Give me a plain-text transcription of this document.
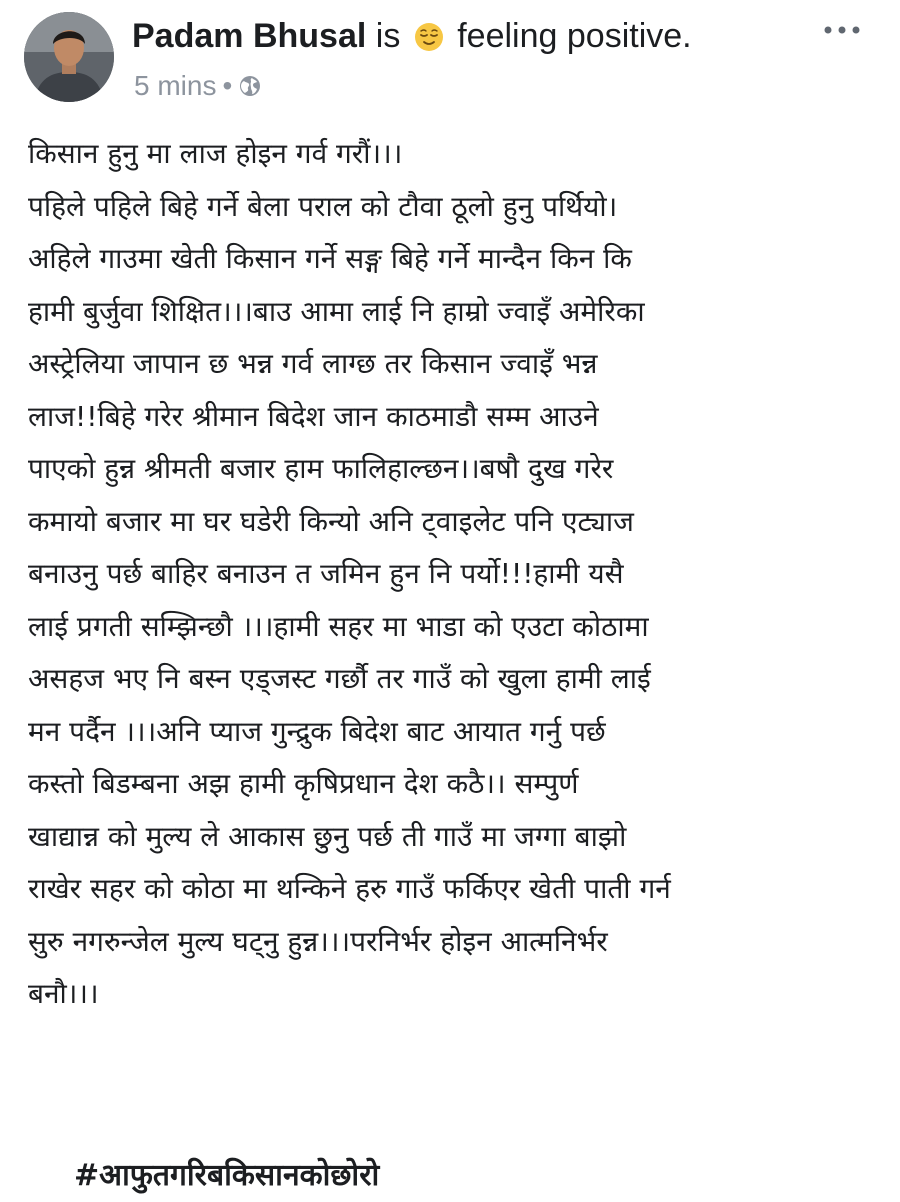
Padam Bhusal is feeling positive.
5 mins •
किसान हुनु मा लाज होइन गर्व गरौं।।।
पहिले पहिले बिहे गर्ने बेला पराल को टौवा ठूलो हुनु पर्थियो।
अहिले गाउमा खेती किसान गर्ने सङ्ग बिहे गर्ने मान्दैन किन कि
हामी बुर्जुवा शिक्षित।।।बाउ आमा लाई नि हाम्रो ज्वाइँ अमेरिका
अस्ट्रेलिया जापान छ भन्न गर्व लाग्छ तर किसान ज्वाइँ भन्न
लाज!!बिहे गरेर श्रीमान बिदेश जान काठमाडौ सम्म आउने
पाएको हुन्न श्रीमती बजार हाम फालिहाल्छन।।बषौ दुख गरेर
कमायो बजार मा घर घडेरी किन्यो अनि ट्वाइलेट पनि एट्याज
बनाउनु पर्छ बाहिर बनाउन त जमिन हुन नि पर्यो!!!हामी यसै
लाई प्रगती सम्झिन्छौ ।।।हामी सहर मा भाडा को एउटा कोठामा
असहज भए नि बस्न एड्जस्ट गर्छौ तर गाउँ को खुला हामी लाई
मन पर्दैन ।।।अनि प्याज गुन्द्रुक बिदेश बाट आयात गर्नु पर्छ
कस्तो बिडम्बना अझ हामी कृषिप्रधान देश कठै।। सम्पुर्ण
खाद्यान्न को मुल्य ले आकास छुनु पर्छ ती गाउँ मा जग्गा बाझो
राखेर सहर को कोठा मा थन्किने हरु गाउँ फर्किएर खेती पाती गर्न
सुरु नगरुन्जेल मुल्य घट्नु हुन्न।।।परनिर्भर होइन आत्मनिर्भर
बनौ।।।
#आफुतगरिबकिसानकोछोरो
